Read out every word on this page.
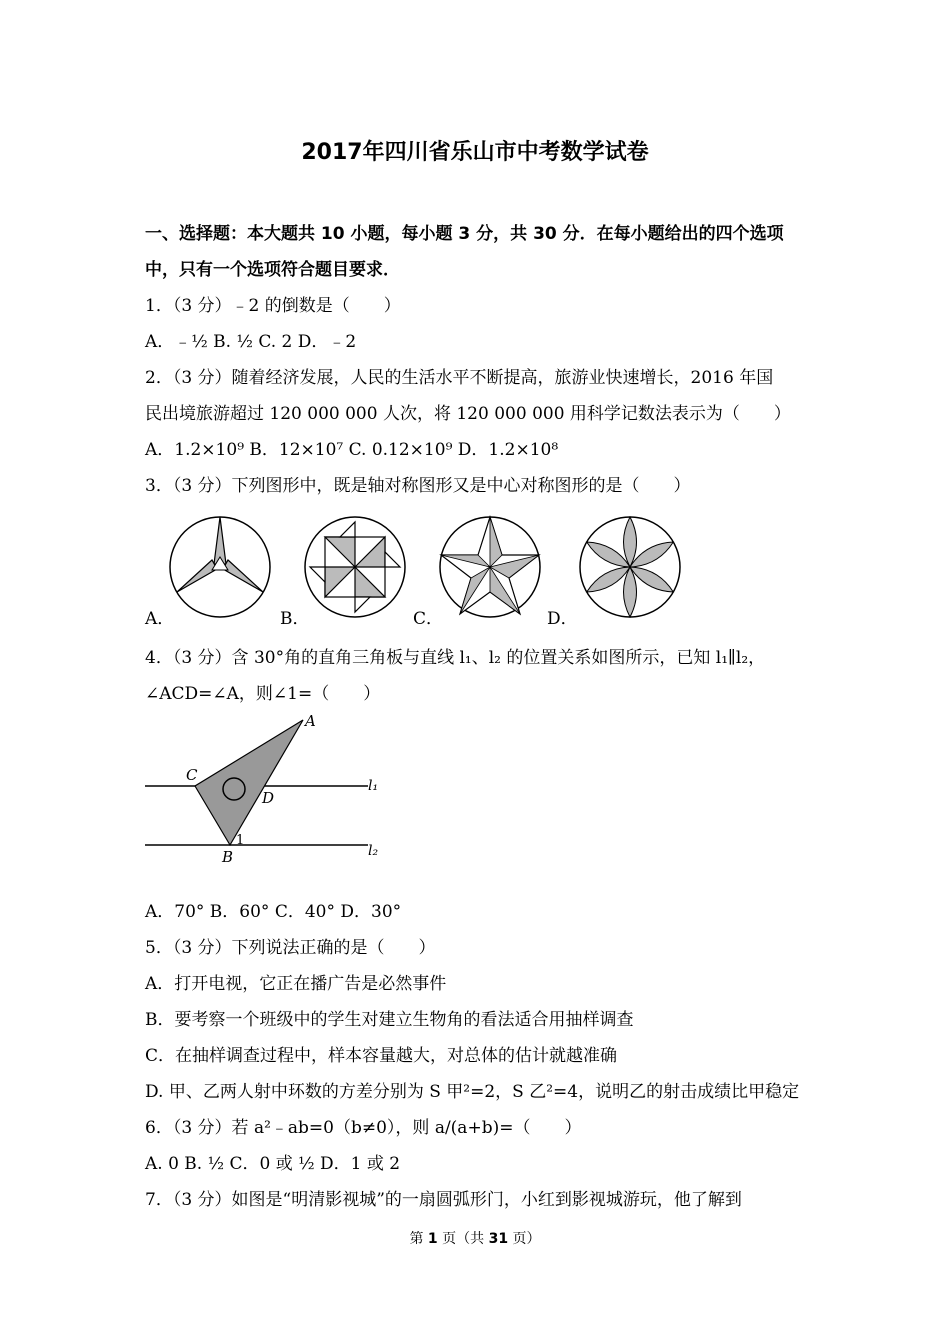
2017年四川省乐山市中考数学试卷
一、选择题：本大题共 10 小题，每小题 3 分，共 30 分．在每小题给出的四个选项
中，只有一个选项符合题目要求．
1．（3 分）﹣2 的倒数是（　　）
A．﹣½ B. ½ C. 2 D．﹣2
2．（3 分）随着经济发展，人民的生活水平不断提高，旅游业快速增长，2016 年国
民出境旅游超过 120 000 000 人次，将 120 000 000 用科学记数法表示为（　　）
A．1.2×10⁹ B．12×10⁷ C. 0.12×10⁹ D．1.2×10⁸
3．（3 分）下列图形中，既是轴对称图形又是中心对称图形的是（　　）
A．	B．	C．	D．
4．（3 分）含 30°角的直角三角板与直线 l₁、l₂ 的位置关系如图所示，已知 l₁∥l₂，
∠ACD=∠A，则∠1=（　　）
A
C
D
1
B
l₁
l₂
A．70° B．60° C．40° D．30°
5．（3 分）下列说法正确的是（　　）
A．打开电视，它正在播广告是必然事件
B．要考察一个班级中的学生对建立生物角的看法适合用抽样调查
C．在抽样调查过程中，样本容量越大，对总体的估计就越准确
D. 甲、乙两人射中环数的方差分别为 S 甲²=2，S 乙²=4，说明乙的射击成绩比甲稳定
6．（3 分）若 a²﹣ab=0（b≠0），则 a/(a+b)=（　　）
A. 0 B. ½ C．0 或 ½ D．1 或 2
7．（3 分）如图是“明清影视城”的一扇圆弧形门，小红到影视城游玩，他了解到
第 1 页（共 31 页）
